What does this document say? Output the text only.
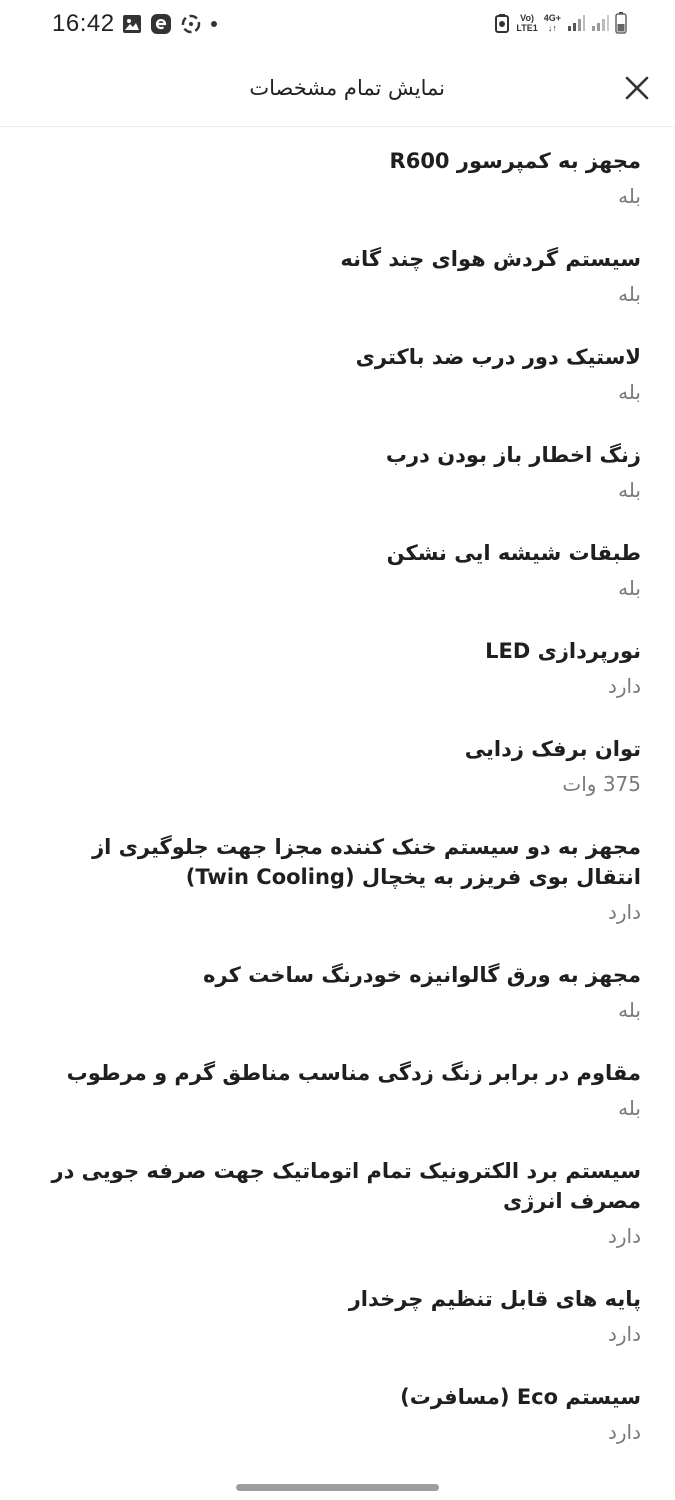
16:42	Vo)
LTE1
4G+
↓↑
نمایش تمام مشخصات
مجهز به کمپرسور R600
بله
سیستم گردش هوای چند گانه
بله
لاستیک دور درب ضد باکتری
بله
زنگ اخطار باز بودن درب
بله
طبقات شیشه ایی نشکن
بله
نورپردازی LED
دارد
توان برفک زدایی
375 وات
مجهز به دو سیستم خنک کننده مجزا جهت جلوگیری از انتقال بوی فریزر به یخچال (Twin Cooling)
دارد
مجهز به ورق گالوانیزه خودرنگ ساخت کره
بله
مقاوم در برابر زنگ زدگی مناسب مناطق گرم و مرطوب
بله
سیستم برد الکترونیک تمام اتوماتیک جهت صرفه جویی در مصرف انرژی
دارد
پایه های قابل تنظیم چرخدار
دارد
سیستم Eco (مسافرت)
دارد
